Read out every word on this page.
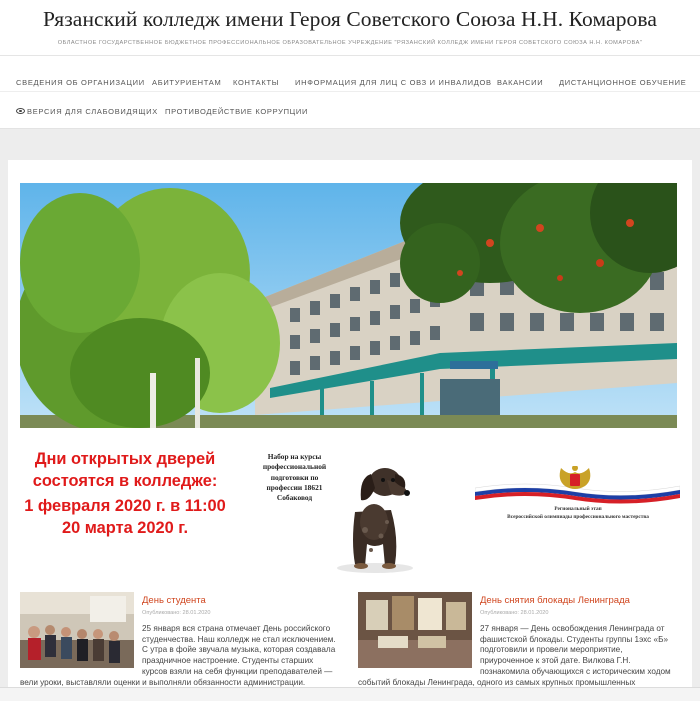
Рязанский колледж имени Героя Советского Союза Н.Н. Комарова
ОБЛАСТНОЕ ГОСУДАРСТВЕННОЕ БЮДЖЕТНОЕ ПРОФЕССИОНАЛЬНОЕ ОБРАЗОВАТЕЛЬНОЕ УЧРЕЖДЕНИЕ "РЯЗАНСКИЙ КОЛЛЕДЖ ИМЕНИ ГЕРОЯ СОВЕТСКОГО СОЮЗА Н.Н. КОМАРОВА"
СВЕДЕНИЯ ОБ ОРГАНИЗАЦИИ АБИТУРИЕНТАМ КОНТАКТЫ ИНФОРМАЦИЯ ДЛЯ ЛИЦ С ОВЗ И ИНВАЛИДОВ ВАКАНСИИ ДИСТАНЦИОННОЕ ОБУЧЕНИЕ
ВЕРСИЯ ДЛЯ СЛАБОВИДЯЩИХ ПРОТИВОДЕЙСТВИЕ КОРРУПЦИИ
Дни открытых дверей
состоятся в колледже:
1 февраля 2020 г. в 11:00
20 марта 2020 г.
Набор на курсы
профессиональной
подготовки по
профессии 18621
Собаковод
Региональный этап
Всероссийской олимпиады профессионального мастерства
День студента
Опубликовано: 28.01.2020
25 января вся страна отмечает День российского студенчества. Наш колледж не стал исключением. С утра в фойе звучала музыка, которая создавала праздничное настроение. Студенты старших курсов взяли на себя функции преподавателей — вели уроки, выставляли оценки и выполняли обязанности администрации.
День снятия блокады Ленинграда
Опубликовано: 28.01.2020
27 января — День освобождения Ленинграда от фашистской блокады. Студенты группы 1эхс «Б» подготовили и провели мероприятие, приуроченное к этой дате. Вилкова Г.Н. познакомила обучающихся с историческим ходом событий блокады Ленинграда, одного из самых крупных промышленных
